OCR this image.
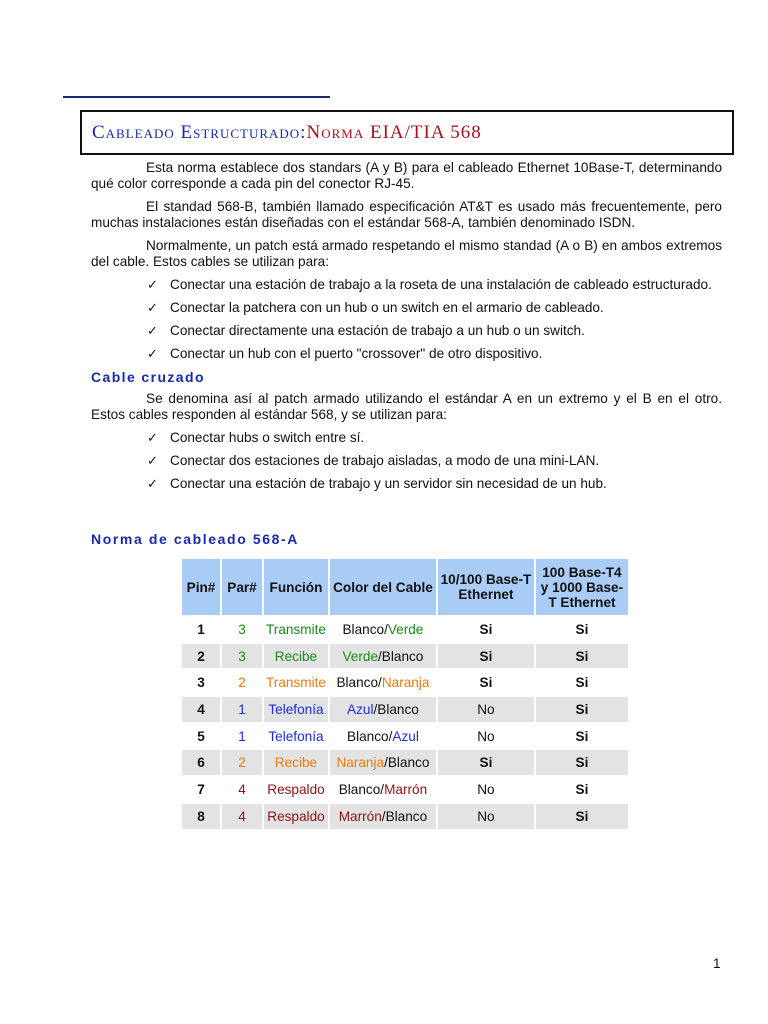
Cableado Estructurado : Norma EIA/TIA 568

Esta norma establece dos standars (A y B) para el cableado Ethernet 10Base-T, determinando qué color corresponde a cada pin del conector RJ-45.

El standad 568-B, también llamado especificación AT&T es usado más frecuentemente, pero muchas instalaciones están diseñadas con el estándar 568-A, también denominado ISDN.

Normalmente, un patch está armado respetando el mismo standad (A o B) en ambos extremos del cable. Estos cables se utilizan para:

✓ Conectar una estación de trabajo a la roseta de una instalación de cableado estructurado.
✓ Conectar la patchera con un hub o un switch en el armario de cableado.
✓ Conectar directamente una estación de trabajo a un hub o un switch.
✓ Conectar un hub con el puerto "crossover" de otro dispositivo.
Cable cruzado

Se denomina así al patch armado utilizando el estándar A en un extremo y el B en el otro. Estos cables responden al estándar 568, y se utilizan para:

✓ Conectar hubs o switch entre sí.
✓ Conectar dos estaciones de trabajo aisladas, a modo de una mini-LAN.
✓ Conectar una estación de trabajo y un servidor sin necesidad de un hub.
Norma de cableado 568-A
Pin#	Par#	Función	Color del Cable	10/100 Base-T Ethernet	100 Base-T4 y 1000 Base-T Ethernet
1	3	Transmite	Blanco/Verde	Si	Si
2	3	Recibe	Verde/Blanco	Si	Si
3	2	Transmite	Blanco/Naranja	Si	Si
4	1	Telefonía	Azul/Blanco	No	Si
5	1	Telefonía	Blanco/Azul	No	Si
6	2	Recibe	Naranja/Blanco	Si	Si
7	4	Respaldo	Blanco/Marrón	No	Si
8	4	Respaldo	Marrón/Blanco	No	Si
1
